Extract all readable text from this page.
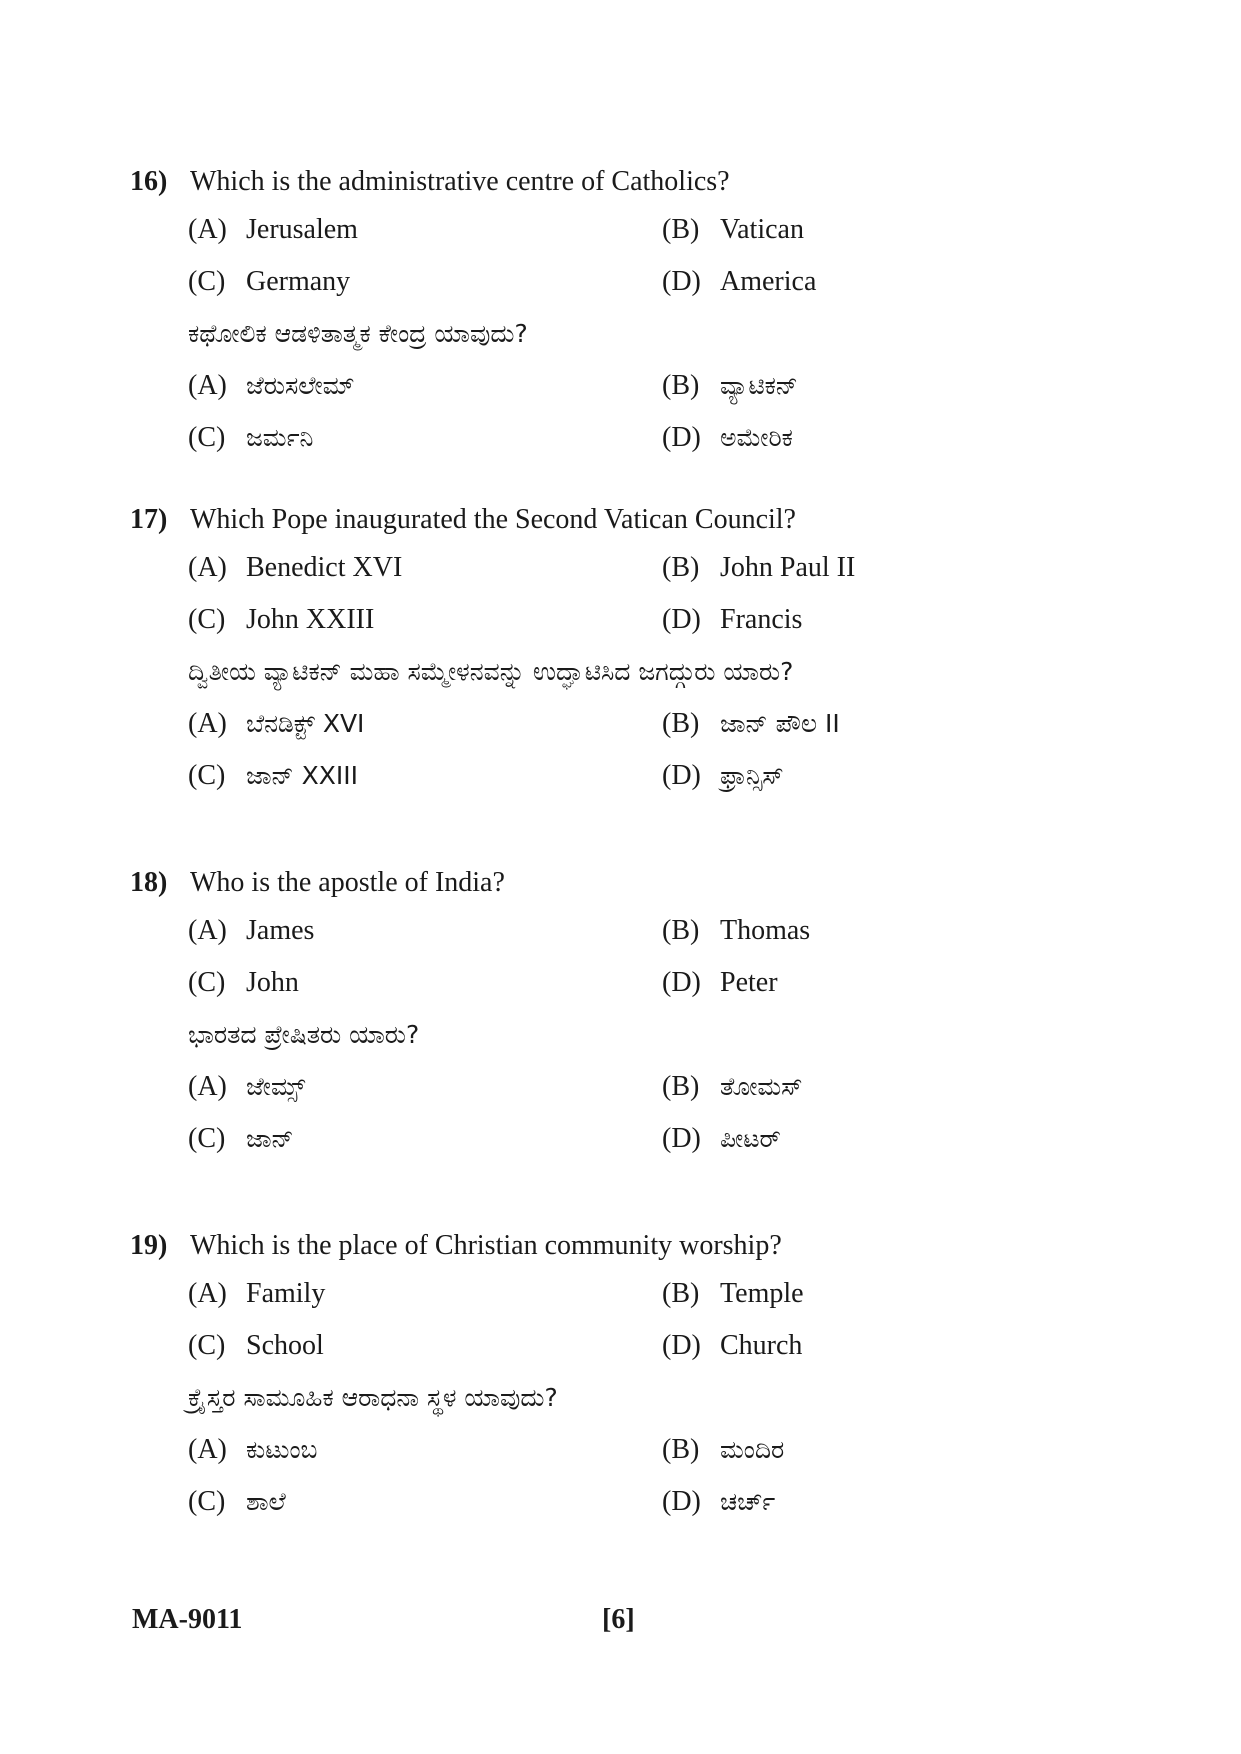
16) Which is the administrative centre of Catholics?
(A) Jerusalem	(B) Vatican
(C) Germany	(D) America
ಕಥೋಲಿಕ ಆಡಳಿತಾತ್ಮಕ ಕೇಂದ್ರ ಯಾವುದು?
(A) ಜೆರುಸಲೇಮ್	(B) ವ್ಯಾಟಿಕನ್
(C) ಜರ್ಮನಿ	(D) ಅಮೇರಿಕ
17) Which Pope inaugurated the Second Vatican Council?
(A) Benedict XVI	(B) John Paul II
(C) John XXIII	(D) Francis
ದ್ವಿತೀಯ ವ್ಯಾಟಿಕನ್ ಮಹಾ ಸಮ್ಮೇಳನವನ್ನು ಉದ್ಘಾಟಿಸಿದ ಜಗದ್ಗುರು ಯಾರು?
(A) ಬೆನಡಿಕ್ಟ್ XVI	(B) ಜಾನ್ ಪೌಲ II
(C) ಜಾನ್ XXIII	(D) ಫ್ರಾನ್ಸಿಸ್
18) Who is the apostle of India?
(A) James	(B) Thomas
(C) John	(D) Peter
ಭಾರತದ ಪ್ರೇಷಿತರು ಯಾರು?
(A) ಜೇಮ್ಸ್	(B) ತೋಮಸ್
(C) ಜಾನ್	(D) ಪೀಟರ್
19) Which is the place of Christian community worship?
(A) Family	(B) Temple
(C) School	(D) Church
ಕ್ರೈಸ್ತರ ಸಾಮೂಹಿಕ ಆರಾಧನಾ ಸ್ಥಳ ಯಾವುದು?
(A) ಕುಟುಂಬ	(B) ಮಂದಿರ
(C) ಶಾಲೆ	(D) ಚರ್ಚ್
MA-9011	[6]
